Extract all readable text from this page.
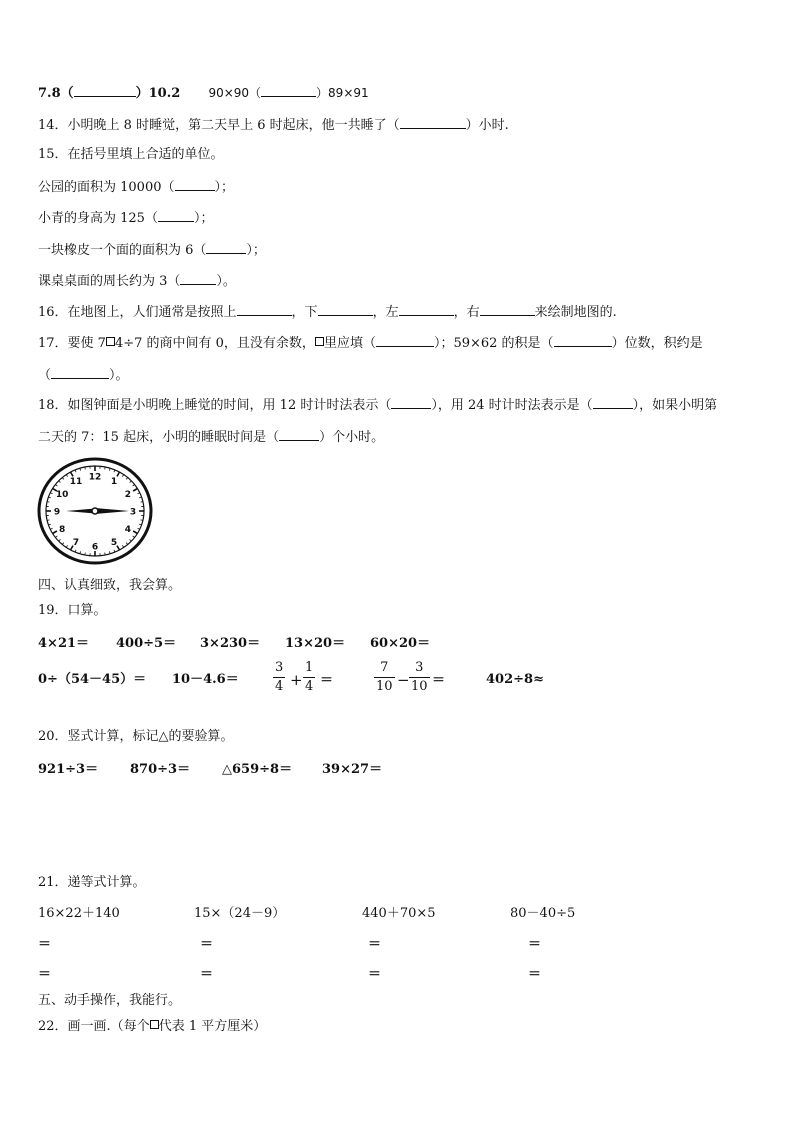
7.8（	）10.2 90×90（	）89×91
14．小明晚上 8 时睡觉，第二天早上 6 时起床，他一共睡了（	）小时.
15．在括号里填上合适的单位。
公园的面积为 10000（	）；
小青的身高为 125（	）；
一块橡皮一个面的面积为 6（	）；
课桌桌面的周长约为 3（	）。
16．在地图上，人们通常是按照上	，下	，左	，右	来绘制地图的.
17．要使 7 4÷7 的商中间有 0，且没有余数， 里应填（	）；59×62 的积是（	）位数，积约是
（	）。
18．如图钟面是小明晚上睡觉的时间，用 12 时计时法表示（	），用 24 时计时法表示是（	），如果小明第
二天的 7：15 起床，小明的睡眠时间是（	）个小时。
12 1
2
3
4
5
6
7
8
9
10
11
四、认真细致，我会算。
19．口算。
4×21＝ 400÷5＝ 3×230＝ 13×20＝ 60×20＝
0÷（54－45）＝ 10－4.6＝	$\frac{3}{4} + \frac{1}{4}$ ＝	$\frac{7}{10} - \frac{3}{10}$ ＝	402÷8≈
20．竖式计算，标记△的要验算。
921÷3＝ 870÷3＝ △659÷8＝ 39×27＝
21．递等式计算。
16×22＋140	15×（24－9）	440＋70×5	80－40÷5
＝	＝	＝	＝
＝	＝	＝	＝
五、动手操作，我能行。
22．画一画.（每个 代表 1 平方厘米）
